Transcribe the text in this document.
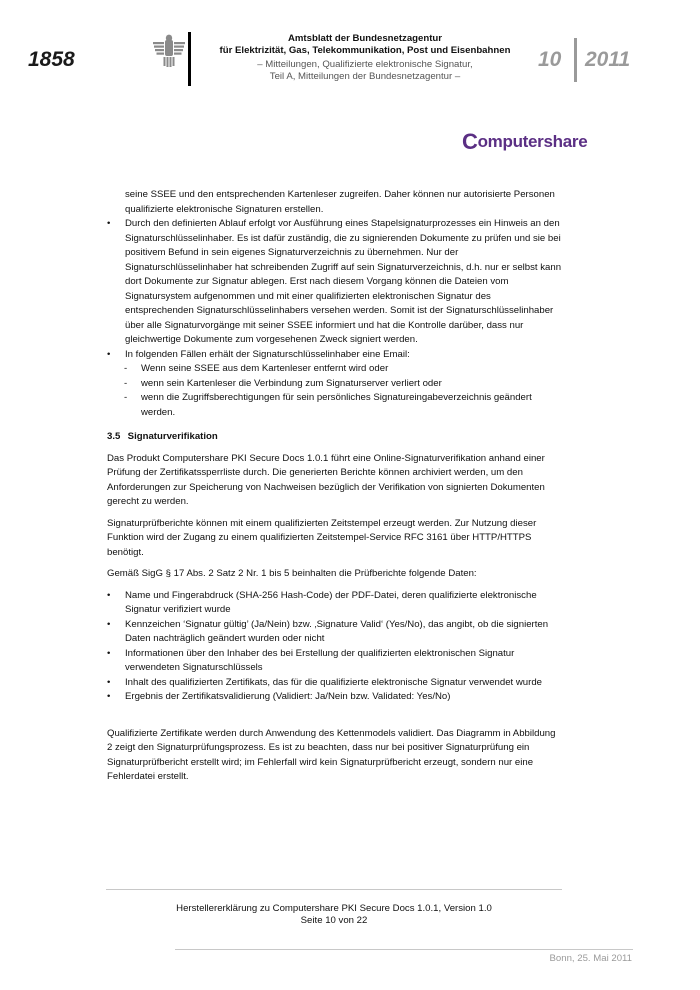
1858
Amtsblatt der Bundesnetzagentur
für Elektrizität, Gas, Telekommunikation, Post und Eisenbahnen
– Mitteilungen, Qualifizierte elektronische Signatur,
Teil A, Mitteilungen der Bundesnetzagentur –
10 2011
Computershare

seine SSEE und den entsprechenden Kartenleser zugreifen. Daher können nur autorisierte Personen qualifizierte elektronische Signaturen erstellen.

• Durch den definierten Ablauf erfolgt vor Ausführung eines Stapelsignaturprozesses ein Hinweis an den Signaturschlüsselinhaber. Es ist dafür zuständig, die zu signierenden Dokumente zu prüfen und sie bei positivem Befund in sein eigenes Signaturverzeichnis zu übernehmen. Nur der Signaturschlüsselinhaber hat schreibenden Zugriff auf sein Signaturverzeichnis, d.h. nur er selbst kann dort Dokumente zur Signatur ablegen. Erst nach diesem Vorgang können die Dateien vom Signatursystem aufgenommen und mit einer qualifizierten elektronischen Signatur des entsprechenden Signaturschlüsselinhabers versehen werden. Somit ist der Signaturschlüsselinhaber über alle Signaturvorgänge mit seiner SSEE informiert und hat die Kontrolle darüber, dass nur gleichwertige Dokumente zum vorgesehenen Zweck signiert werden.
• In folgenden Fällen erhält der Signaturschlüsselinhaber eine Email:
- Wenn seine SSEE aus dem Kartenleser entfernt wird oder
- wenn sein Kartenleser die Verbindung zum Signaturserver verliert oder
- wenn die Zugriffsberechtigungen für sein persönliches Signatureingabeverzeichnis geändert werden.
3.5 Signaturverifikation

Das Produkt Computershare PKI Secure Docs 1.0.1 führt eine Online-Signaturverifikation anhand einer Prüfung der Zertifikatssperrliste durch. Die generierten Berichte können archiviert werden, um den Anforderungen zur Speicherung von Nachweisen bezüglich der Verifikation von signierten Dokumenten gerecht zu werden.

Signaturprüfberichte können mit einem qualifizierten Zeitstempel erzeugt werden. Zur Nutzung dieser Funktion wird der Zugang zu einem qualifizierten Zeitstempel-Service RFC 3161 über HTTP/HTTPS benötigt.

Gemäß SigG § 17 Abs. 2 Satz 2 Nr. 1 bis 5 beinhalten die Prüfberichte folgende Daten:

• Name und Fingerabdruck (SHA-256 Hash-Code) der PDF-Datei, deren qualifizierte elektronische Signatur verifiziert wurde
• Kennzeichen ‘Signatur gültig’ (Ja/Nein) bzw. ‚Signature Valid‘ (Yes/No), das angibt, ob die signierten Daten nachträglich geändert wurden oder nicht
• Informationen über den Inhaber des bei Erstellung der qualifizierten elektronischen Signatur verwendeten Signaturschlüssels
• Inhalt des qualifizierten Zertifikats, das für die qualifizierte elektronische Signatur verwendet wurde
• Ergebnis der Zertifikatsvalidierung (Validiert: Ja/Nein bzw. Validated: Yes/No)

Qualifizierte Zertifikate werden durch Anwendung des Kettenmodels validiert. Das Diagramm in Abbildung 2 zeigt den Signaturprüfungsprozess. Es ist zu beachten, dass nur bei positiver Signaturprüfung ein Signaturprüfbericht erstellt wird; im Fehlerfall wird kein Signaturprüfbericht erzeugt, sondern nur eine Fehlerdatei erstellt.

Herstellererklärung zu Computershare PKI Secure Docs 1.0.1, Version 1.0
Seite 10 von 22
Bonn, 25. Mai 2011
